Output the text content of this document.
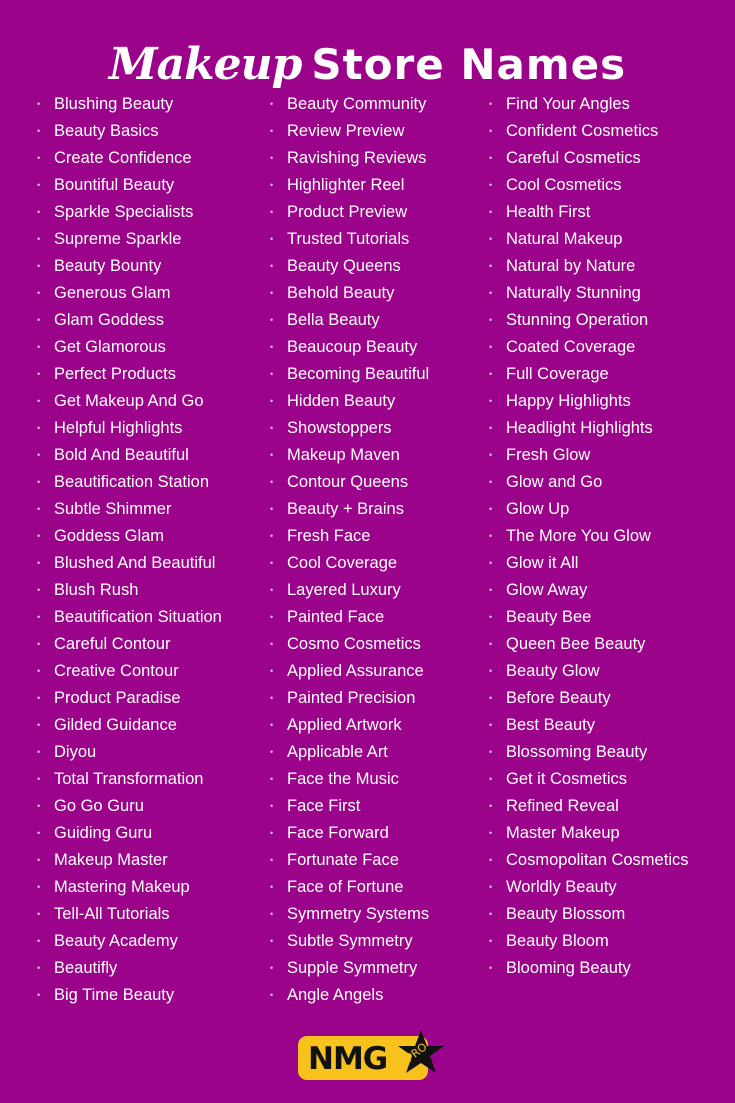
Makeup Store Names
• Blushing Beauty
• Beauty Basics
• Create Confidence
• Bountiful Beauty
• Sparkle Specialists
• Supreme Sparkle
• Beauty Bounty
• Generous Glam
• Glam Goddess
• Get Glamorous
• Perfect Products
• Get Makeup And Go
• Helpful Highlights
• Bold And Beautiful
• Beautification Station
• Subtle Shimmer
• Goddess Glam
• Blushed And Beautiful
• Blush Rush
• Beautification Situation
• Careful Contour
• Creative Contour
• Product Paradise
• Gilded Guidance
• Diyou
• Total Transformation
• Go Go Guru
• Guiding Guru
• Makeup Master
• Mastering Makeup
• Tell-All Tutorials
• Beauty Academy
• Beautifly
• Big Time Beauty
• Beauty Community
• Review Preview
• Ravishing Reviews
• Highlighter Reel
• Product Preview
• Trusted Tutorials
• Beauty Queens
• Behold Beauty
• Bella Beauty
• Beaucoup Beauty
• Becoming Beautiful
• Hidden Beauty
• Showstoppers
• Makeup Maven
• Contour Queens
• Beauty + Brains
• Fresh Face
• Cool Coverage
• Layered Luxury
• Painted Face
• Cosmo Cosmetics
• Applied Assurance
• Painted Precision
• Applied Artwork
• Applicable Art
• Face the Music
• Face First
• Face Forward
• Fortunate Face
• Face of Fortune
• Symmetry Systems
• Subtle Symmetry
• Supple Symmetry
• Angle Angels
• Find Your Angles
• Confident Cosmetics
• Careful Cosmetics
• Cool Cosmetics
• Health First
• Natural Makeup
• Natural by Nature
• Naturally Stunning
• Stunning Operation
• Coated Coverage
• Full Coverage
• Happy Highlights
• Headlight Highlights
• Fresh Glow
• Glow and Go
• Glow Up
• The More You Glow
• Glow it All
• Glow Away
• Beauty Bee
• Queen Bee Beauty
• Beauty Glow
• Before Beauty
• Best Beauty
• Blossoming Beauty
• Get it Cosmetics
• Refined Reveal
• Master Makeup
• Cosmopolitan Cosmetics
• Worldly Beauty
• Beauty Blossom
• Beauty Bloom
• Blooming Beauty
NMG PRO
